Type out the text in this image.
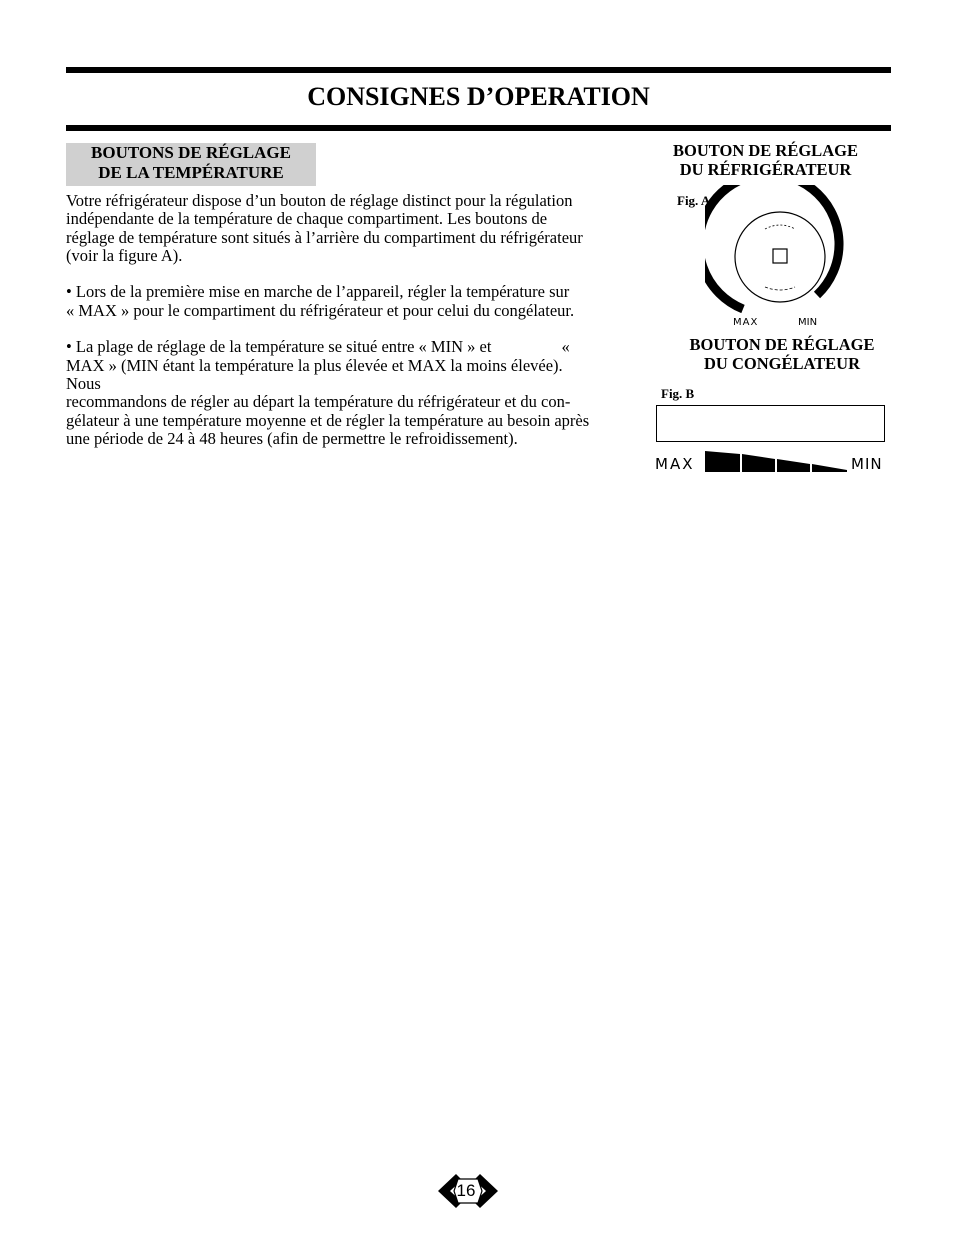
CONSIGNES D’OPERATION
BOUTONS DE RÉGLAGE
DE LA TEMPÉRATURE

Votre réfrigérateur dispose d’un bouton de réglage distinct pour la régulation
indépendante de la température de chaque compartiment. Les boutons de
réglage de température sont situés à l’arrière du compartiment du réfrigérateur
(voir la figure A).

• Lors de la première mise en marche de l’appareil, régler la température sur
« MAX » pour le compartiment du réfrigérateur et pour celui du congélateur.

• La plage de réglage de la température se situé entre « MIN » et	«
MAX » (MIN étant la température la plus élevée et MAX la moins élevée).
Nous
recommandons de régler au départ la température du réfrigérateur et du con-
gélateur à une température moyenne et de régler la température au besoin après
une période de 24 à 48 heures (afin de permettre le refroidissement).

BOUTON DE RÉGLAGE
DU RÉFRIGÉRATEUR
Fig. A
MAX	MIN
BOUTON DE RÉGLAGE
DU CONGÉLATEUR
Fig. B
MAX	MIN
16
